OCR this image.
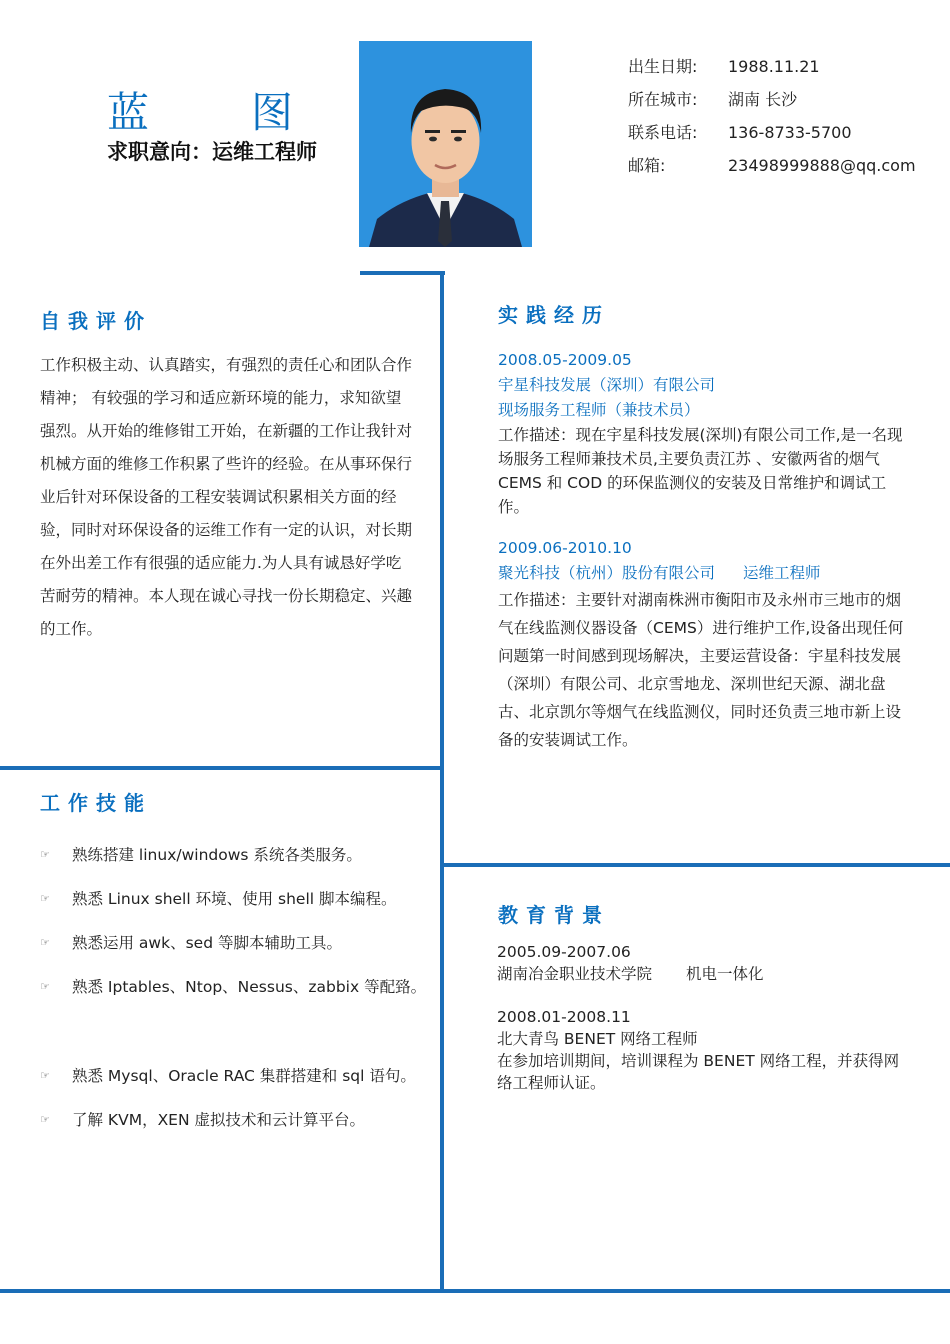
蓝　图
求职意向：运维工程师
出生日期:	1988.11.21
所在城市:	湖南 长沙
联系电话:	136-8733-5700
邮箱:	23498999888@qq.com
自我评价
工作积极主动、认真踏实，有强烈的责任心和团队合作精神； 有较强的学习和适应新环境的能力，求知欲望强烈。从开始的维修钳工开始，在新疆的工作让我针对机械方面的维修工作积累了些许的经验。在从事环保行业后针对环保设备的工程安装调试积累相关方面的经验，同时对环保设备的运维工作有一定的认识，对长期在外出差工作有很强的适应能力.为人具有诚恳好学吃苦耐劳的精神。本人现在诚心寻找一份长期稳定、兴趣的工作。
工作技能
☞	熟练搭建 linux/windows 系统各类服务。
☞	熟悉 Linux shell 环境、使用 shell 脚本编程。
☞	熟悉运用 awk、sed 等脚本辅助工具。
☞	熟悉 Iptables、Ntop、Nessus、zabbix 等配臵。
☞	熟悉 Mysql、Oracle RAC 集群搭建和 sql 语句。
☞	了解 KVM，XEN 虚拟技术和云计算平台。
实践经历
2008.05-2009.05
宇星科技发展（深圳）有限公司
现场服务工程师（兼技术员）
工作描述：现在宇星科技发展(深圳)有限公司工作,是一名现场服务工程师兼技术员,主要负责江苏 、安徽两省的烟气 CEMS 和 COD 的环保监测仪的安装及日常维护和调试工作。
2009.06-2010.10
聚光科技（杭州）股份有限公司 运维工程师
工作描述：主要针对湖南株洲市衡阳市及永州市三地市的烟气在线监测仪器设备（CEMS）进行维护工作,设备出现任何问题第一时间感到现场解决，主要运营设备：宇星科技发展（深圳）有限公司、北京雪地龙、深圳世纪天源、湖北盘古、北京凯尔等烟气在线监测仪，同时还负责三地市新上设备的安装调试工作。
教育背景
2005.09-2007.06
湖南冶金职业技术学院 机电一体化
2008.01-2008.11
北大青鸟 BENET 网络工程师
在参加培训期间，培训课程为 BENET 网络工程，并获得网络工程师认证。
